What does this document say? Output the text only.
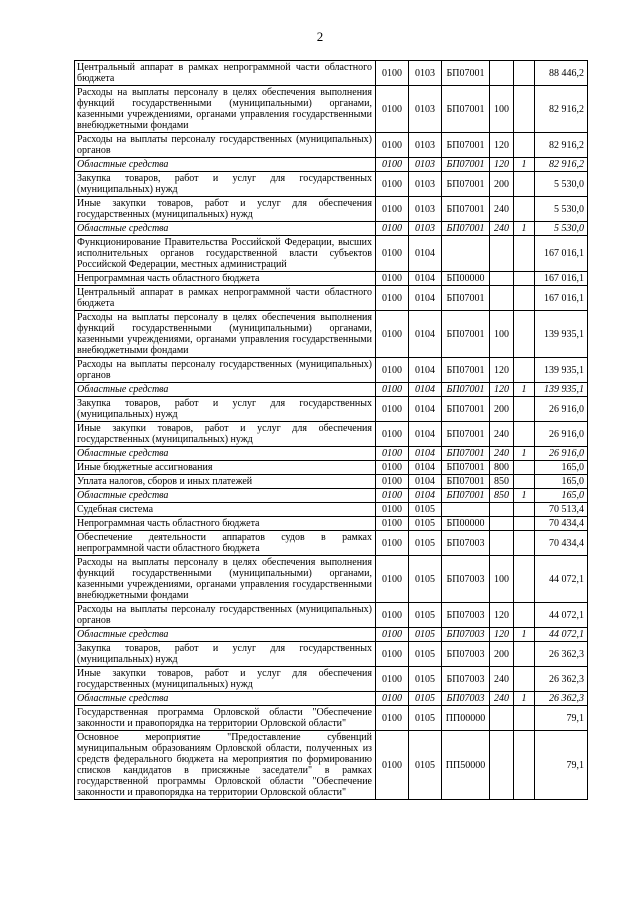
2
Центральный аппарат в рамках непрограммной части областного бюджета	0100	0103	БП07001			88 446,2
Расходы на выплаты персоналу в целях обеспечения выполнения функций государственными (муниципальными) органами, казенными учреждениями, органами управления государственными внебюджетными фондами	0100	0103	БП07001	100		82 916,2
Расходы на выплаты персоналу государственных (муниципальных) органов	0100	0103	БП07001	120		82 916,2
Областные средства	0100	0103	БП07001	120	1	82 916,2
Закупка товаров, работ и услуг для государственных (муниципальных) нужд	0100	0103	БП07001	200		5 530,0
Иные закупки товаров, работ и услуг для обеспечения государственных (муниципальных) нужд	0100	0103	БП07001	240		5 530,0
Областные средства	0100	0103	БП07001	240	1	5 530,0
Функционирование Правительства Российской Федерации, высших исполнительных органов государственной власти субъектов Российской Федерации, местных администраций	0100	0104				167 016,1
Непрограммная часть областного бюджета	0100	0104	БП00000			167 016,1
Центральный аппарат в рамках непрограммной части областного бюджета	0100	0104	БП07001			167 016,1
Расходы на выплаты персоналу в целях обеспечения выполнения функций государственными (муниципальными) органами, казенными учреждениями, органами управления государственными внебюджетными фондами	0100	0104	БП07001	100		139 935,1
Расходы на выплаты персоналу государственных (муниципальных) органов	0100	0104	БП07001	120		139 935,1
Областные средства	0100	0104	БП07001	120	1	139 935,1
Закупка товаров, работ и услуг для государственных (муниципальных) нужд	0100	0104	БП07001	200		26 916,0
Иные закупки товаров, работ и услуг для обеспечения государственных (муниципальных) нужд	0100	0104	БП07001	240		26 916,0
Областные средства	0100	0104	БП07001	240	1	26 916,0
Иные бюджетные ассигнования	0100	0104	БП07001	800		165,0
Уплата налогов, сборов и иных платежей	0100	0104	БП07001	850		165,0
Областные средства	0100	0104	БП07001	850	1	165,0
Судебная система	0100	0105				70 513,4
Непрограммная часть областного бюджета	0100	0105	БП00000			70 434,4
Обеспечение деятельности аппаратов судов в рамках непрограммной части областного бюджета	0100	0105	БП07003			70 434,4
Расходы на выплаты персоналу в целях обеспечения выполнения функций государственными (муниципальными) органами, казенными учреждениями, органами управления государственными внебюджетными фондами	0100	0105	БП07003	100		44 072,1
Расходы на выплаты персоналу государственных (муниципальных) органов	0100	0105	БП07003	120		44 072,1
Областные средства	0100	0105	БП07003	120	1	44 072,1
Закупка товаров, работ и услуг для государственных (муниципальных) нужд	0100	0105	БП07003	200		26 362,3
Иные закупки товаров, работ и услуг для обеспечения государственных (муниципальных) нужд	0100	0105	БП07003	240		26 362,3
Областные средства	0100	0105	БП07003	240	1	26 362,3
Государственная программа Орловской области "Обеспечение законности и правопорядка на территории Орловской области"	0100	0105	ПП00000			79,1
Основное мероприятие "Предоставление субвенций муниципальным образованиям Орловской области, полученных из средств федерального бюджета на мероприятия по формированию списков кандидатов в присяжные заседатели" в рамках государственной программы Орловской области "Обеспечение законности и правопорядка на территории Орловской области"	0100	0105	ПП50000			79,1
